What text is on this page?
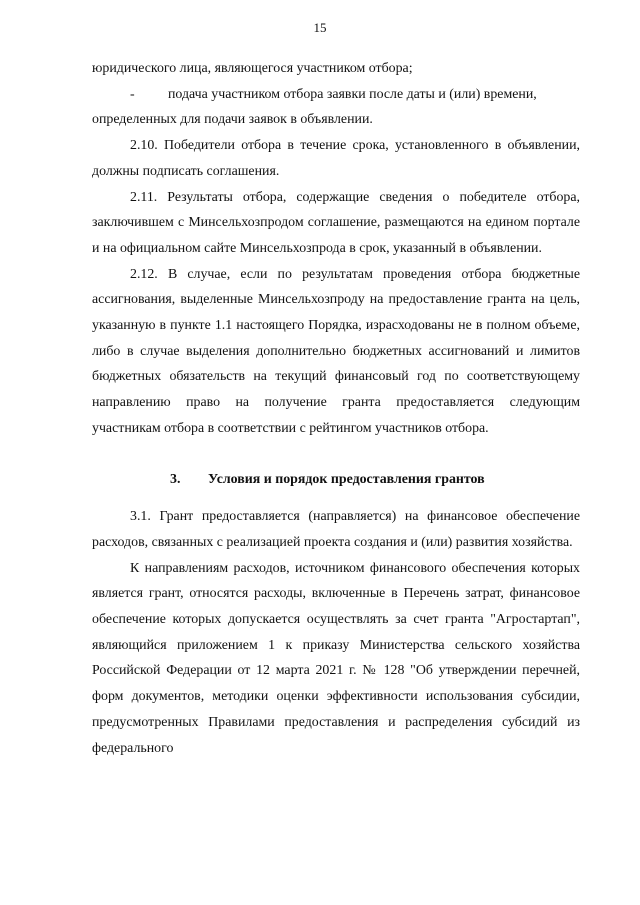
15

юридического лица, являющегося участником отбора;

-	подача участником отбора заявки после даты и (или) времени,

определенных для подачи заявок в объявлении.

2.10. Победители отбора в течение срока, установленного в объявлении, должны подписать соглашения.

2.11. Результаты отбора, содержащие сведения о победителе отбора, заключившем с Минсельхозпродом соглашение, размещаются на едином портале и на официальном сайте Минсельхозпрода в срок, указанный в объявлении.

2.12. В случае, если по результатам проведения отбора бюджетные ассигнования, выделенные Минсельхозпроду на предоставление гранта на цель, указанную в пункте 1.1 настоящего Порядка, израсходованы не в полном объеме, либо в случае выделения дополнительно бюджетных ассигнований и лимитов бюджетных обязательств на текущий финансовый год по соответствующему направлению право на получение гранта предоставляется следующим участникам отбора в соответствии с рейтингом участников отбора.

3. Условия и порядок предоставления грантов

3.1. Грант предоставляется (направляется) на финансовое обеспечение расходов, связанных с реализацией проекта создания и (или) развития хозяйства.

К направлениям расходов, источником финансового обеспечения которых является грант, относятся расходы, включенные в Перечень затрат, финансовое обеспечение которых допускается осуществлять за счет гранта "Агростартап", являющийся приложением 1 к приказу Министерства сельского хозяйства Российской Федерации от 12 марта 2021 г. № 128 "Об утверждении перечней, форм документов, методики оценки эффективности использования субсидии, предусмотренных Правилами предоставления и распределения субсидий из федерального
